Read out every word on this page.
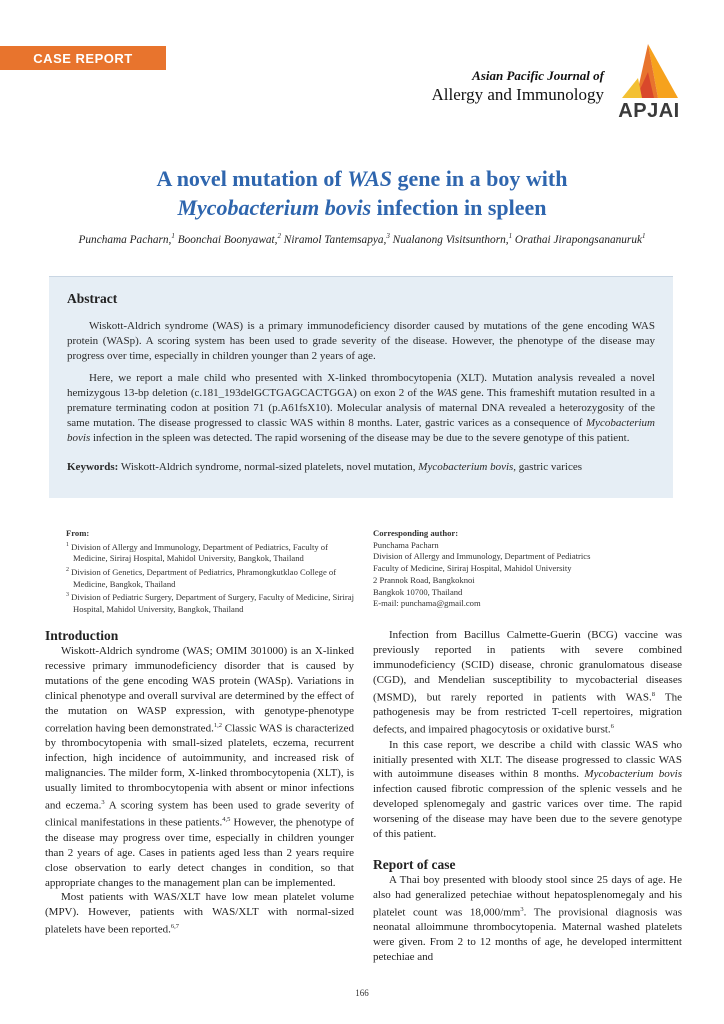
CASE REPORT
Asian Pacific Journal of
Allergy and Immunology
APJAI
A novel mutation of WAS gene in a boy with
Mycobacterium bovis infection in spleen
Punchama Pacharn,$^1$ Boonchai Boonyawat,$^2$ Niramol Tantemsapya,$^3$ Nualanong Visitsunthorn,$^1$ Orathai Jirapongsananuruk$^1$
Abstract

Wiskott-Aldrich syndrome (WAS) is a primary immunodeficiency disorder caused by mutations of the gene encoding WAS protein (WASp). A scoring system has been used to grade severity of the disease. However, the phenotype of the disease may progress over time, especially in children younger than 2 years of age.

Here, we report a male child who presented with X-linked thrombocytopenia (XLT). Mutation analysis revealed a novel hemizygous 13-bp deletion (c.181_193delGCTGAGCACTGGA) on exon 2 of the WAS gene. This frameshift mutation resulted in a premature terminating codon at position 71 (p.A61fsX10). Molecular analysis of maternal DNA revealed a heterozygosity of the same mutation. The disease progressed to classic WAS within 8 months. Later, gastric varices as a consequence of Mycobacterium bovis infection in the spleen was detected. The rapid worsening of the disease may be due to the severe genotype of this patient.

Keywords: Wiskott-Aldrich syndrome, normal-sized platelets, novel mutation, Mycobacterium bovis, gastric varices
From:
$^1$ Division of Allergy and Immunology, Department of Pediatrics, Faculty of Medicine, Siriraj Hospital, Mahidol University, Bangkok, Thailand
$^2$ Division of Genetics, Department of Pediatrics, Phramongkutklao College of Medicine, Bangkok, Thailand
$^3$ Division of Pediatric Surgery, Department of Surgery, Faculty of Medicine, Siriraj Hospital, Mahidol University, Bangkok, Thailand
Corresponding author:
Punchama Pacharn
Division of Allergy and Immunology, Department of Pediatrics
Faculty of Medicine, Siriraj Hospital, Mahidol University
2 Prannok Road, Bangkoknoi
Bangkok 10700, Thailand
E-mail: punchama@gmail.com
Introduction

Wiskott-Aldrich syndrome (WAS; OMIM 301000) is an X-linked recessive primary immunodeficiency disorder that is caused by mutations of the gene encoding WAS protein (WASp). Variations in clinical phenotype and overall survival are determined by the effect of the mutation on WASP expression, with genotype-phenotype correlation having been demonstrated.$^{1,2}$ Classic WAS is characterized by thrombocytopenia with small-sized platelets, eczema, recurrent infection, high incidence of autoimmunity, and increased risk of malignancies. The milder form, X-linked thrombocytopenia (XLT), is usually limited to thrombocytopenia with absent or minor infections and eczema.$^3$ A scoring system has been used to grade severity of clinical manifestations in these patients.$^{4,5}$ However, the phenotype of the disease may progress over time, especially in children younger than 2 years of age. Cases in patients aged less than 2 years require close observation to early detect changes in condition, so that appropriate changes to the management plan can be implemented.

Most patients with WAS/XLT have low mean platelet volume (MPV). However, patients with WAS/XLT with normal-sized platelets have been reported.$^{6,7}$

Infection from Bacillus Calmette-Guerin (BCG) vaccine was previously reported in patients with severe combined immunodeficiency (SCID) disease, chronic granulomatous disease (CGD), and Mendelian susceptibility to mycobacterial diseases (MSMD), but rarely reported in patients with WAS.$^8$ The pathogenesis may be from restricted T-cell repertoires, migration defects, and impaired phagocytosis or oxidative burst.$^6$

In this case report, we describe a child with classic WAS who initially presented with XLT. The disease progressed to classic WAS with autoimmune diseases within 8 months. Mycobacterium bovis infection caused fibrotic compression of the splenic vessels and he developed splenomegaly and gastric varices over time. The rapid worsening of the disease may have been due to the severe genotype of this patient.

Report of case

A Thai boy presented with bloody stool since 25 days of age. He also had generalized petechiae without hepatosplenomegaly and his platelet count was $18,000/mm^3$. The provisional diagnosis was neonatal alloimmune thrombocytopenia. Maternal washed platelets were given. From 2 to 12 months of age, he developed intermittent petechiae and

166
